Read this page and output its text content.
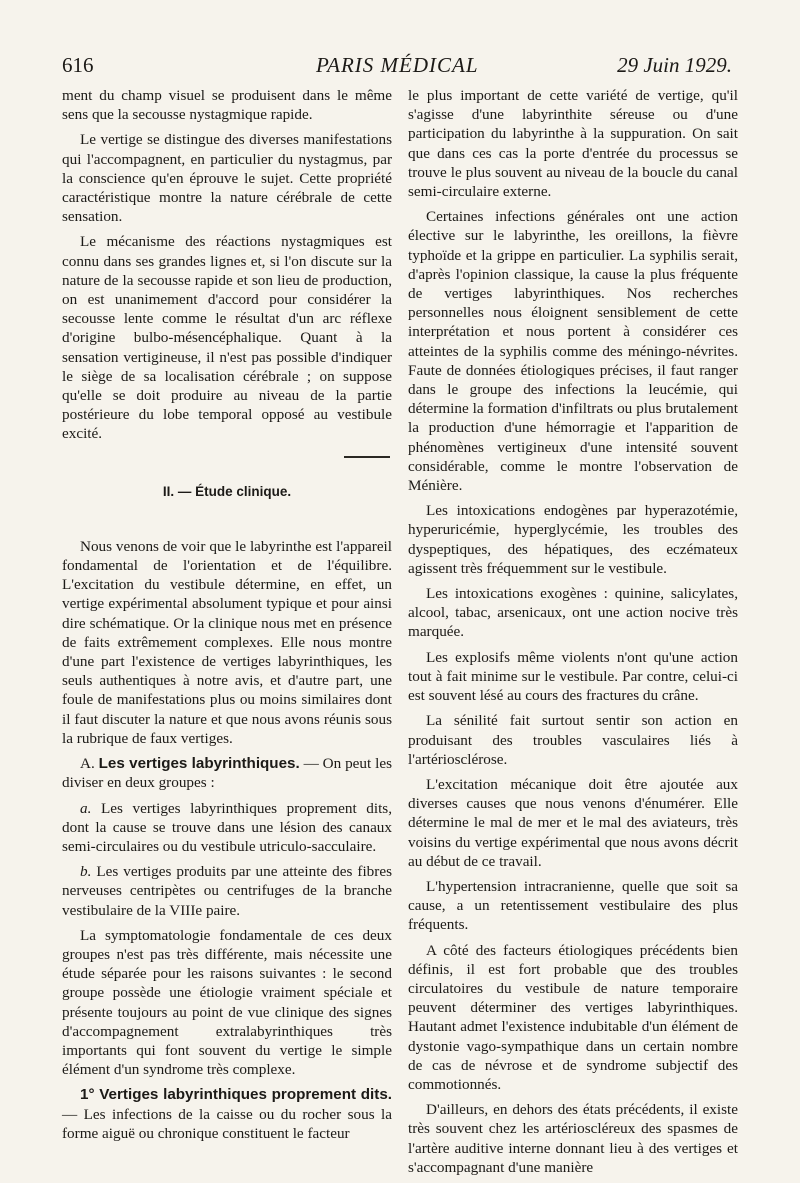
616	PARIS MÉDICAL	29 Juin 1929.

ment du champ visuel se produisent dans le même sens que la secousse nystagmique rapide.

Le vertige se distingue des diverses manifestations qui l'accompagnent, en particulier du nystagmus, par la conscience qu'en éprouve le sujet. Cette propriété caractéristique montre la nature cérébrale de cette sensation.

Le mécanisme des réactions nystagmiques est connu dans ses grandes lignes et, si l'on discute sur la nature de la secousse rapide et son lieu de production, on est unanimement d'accord pour considérer la secousse lente comme le résultat d'un arc réflexe d'origine bulbo-mésencéphalique. Quant à la sensation vertigineuse, il n'est pas possible d'indiquer le siège de sa localisation cérébrale ; on suppose qu'elle se doit produire au niveau de la partie postérieure du lobe temporal opposé au vestibule excité.

II. — Étude clinique.

Nous venons de voir que le labyrinthe est l'appareil fondamental de l'orientation et de l'équilibre. L'excitation du vestibule détermine, en effet, un vertige expérimental absolument typique et pour ainsi dire schématique. Or la clinique nous met en présence de faits extrêmement complexes. Elle nous montre d'une part l'existence de vertiges labyrinthiques, les seuls authentiques à notre avis, et d'autre part, une foule de manifestations plus ou moins similaires dont il faut discuter la nature et que nous avons réunis sous la rubrique de faux vertiges.

A. Les vertiges labyrinthiques. — On peut les diviser en deux groupes :

a. Les vertiges labyrinthiques proprement dits, dont la cause se trouve dans une lésion des canaux semi-circulaires ou du vestibule utriculo-sacculaire.

b. Les vertiges produits par une atteinte des fibres nerveuses centripètes ou centrifuges de la branche vestibulaire de la VIIIe paire.

La symptomatologie fondamentale de ces deux groupes n'est pas très différente, mais nécessite une étude séparée pour les raisons suivantes : le second groupe possède une étiologie vraiment spéciale et présente toujours au point de vue clinique des signes d'accompagnement extralabyrinthiques très importants qui font souvent du vertige le simple élément d'un syndrome très complexe.

1° Vertiges labyrinthiques proprement dits. — Les infections de la caisse ou du rocher sous la forme aiguë ou chronique constituent le facteur

le plus important de cette variété de vertige, qu'il s'agisse d'une labyrinthite séreuse ou d'une participation du labyrinthe à la suppuration. On sait que dans ces cas la porte d'entrée du processus se trouve le plus souvent au niveau de la boucle du canal semi-circulaire externe.

Certaines infections générales ont une action élective sur le labyrinthe, les oreillons, la fièvre typhoïde et la grippe en particulier. La syphilis serait, d'après l'opinion classique, la cause la plus fréquente de vertiges labyrinthiques. Nos recherches personnelles nous éloignent sensiblement de cette interprétation et nous portent à considérer ces atteintes de la syphilis comme des méningo-névrites. Faute de données étiologiques précises, il faut ranger dans le groupe des infections la leucémie, qui détermine la formation d'infiltrats ou plus brutalement la production d'une hémorragie et l'apparition de phénomènes vertigineux d'une intensité souvent considérable, comme le montre l'observation de Ménière.

Les intoxications endogènes par hyperazotémie, hyperuricémie, hyperglycémie, les troubles des dyspeptiques, des hépatiques, des eczémateux agissent très fréquemment sur le vestibule.

Les intoxications exogènes : quinine, salicylates, alcool, tabac, arsenicaux, ont une action nocive très marquée.

Les explosifs même violents n'ont qu'une action tout à fait minime sur le vestibule. Par contre, celui-ci est souvent lésé au cours des fractures du crâne.

La sénilité fait surtout sentir son action en produisant des troubles vasculaires liés à l'artériosclérose.

L'excitation mécanique doit être ajoutée aux diverses causes que nous venons d'énumérer. Elle détermine le mal de mer et le mal des aviateurs, très voisins du vertige expérimental que nous avons décrit au début de ce travail.

L'hypertension intracranienne, quelle que soit sa cause, a un retentissement vestibulaire des plus fréquents.

A côté des facteurs étiologiques précédents bien définis, il est fort probable que des troubles circulatoires du vestibule de nature temporaire peuvent déterminer des vertiges labyrinthiques. Hautant admet l'existence indubitable d'un élément de dystonie vago-sympathique dans un certain nombre de cas de névrose et de syndrome subjectif des commotionnés.

D'ailleurs, en dehors des états précédents, il existe très souvent chez les artérioscléreux des spasmes de l'artère auditive interne donnant lieu à des vertiges et s'accompagnant d'une manière
